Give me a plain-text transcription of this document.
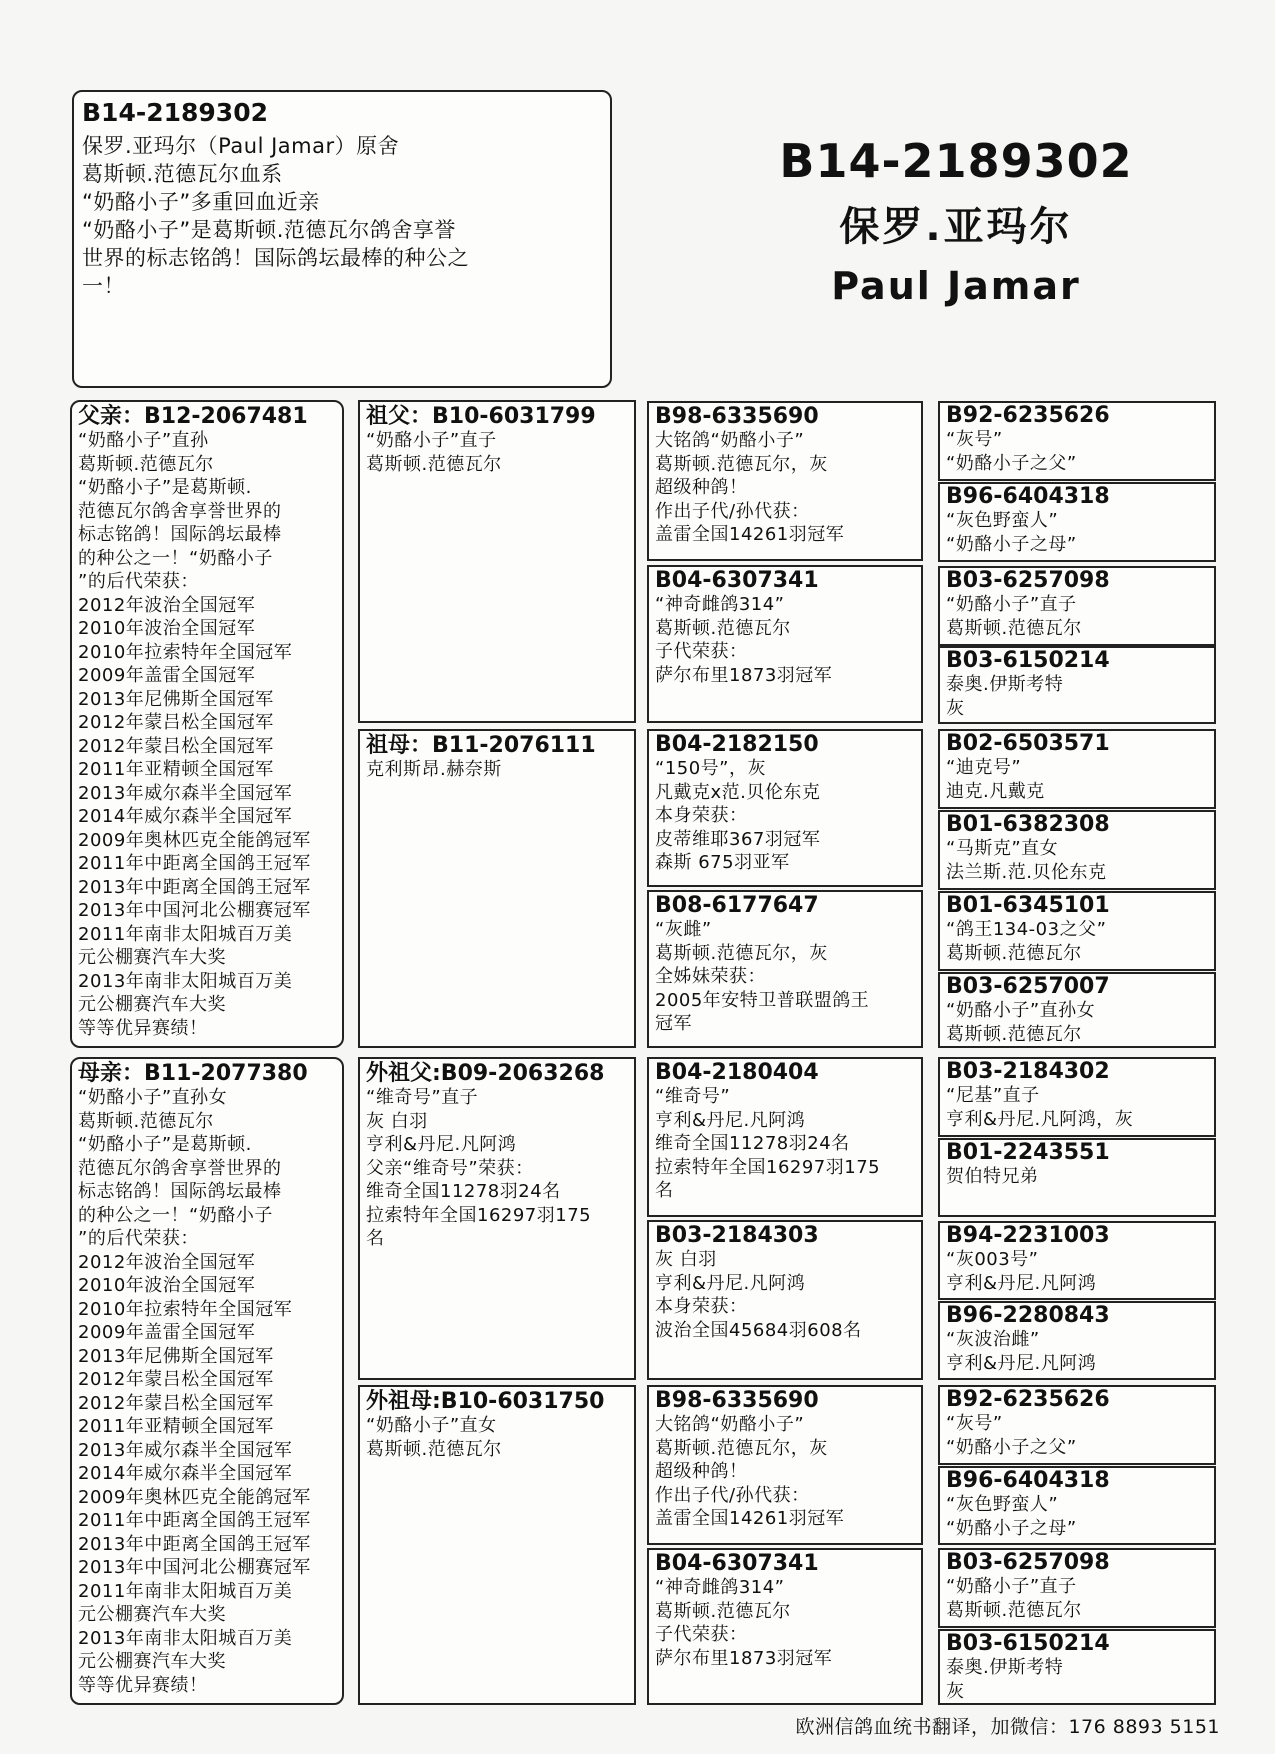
B14-2189302
保罗.亚玛尔
Paul Jamar
B14-2189302
保罗.亚玛尔（Paul Jamar）原舍
葛斯顿.范德瓦尔血系
“奶酪小子”多重回血近亲
“奶酪小子”是葛斯顿.范德瓦尔鸽舍享誉
世界的标志铭鸽！国际鸽坛最棒的种公之
一！
父亲：B12-2067481
“奶酪小子”直孙
葛斯顿.范德瓦尔
“奶酪小子”是葛斯顿.
范德瓦尔鸽舍享誉世界的
标志铭鸽！国际鸽坛最棒
的种公之一！“奶酪小子
”的后代荣获：
2012年波治全国冠军
2010年波治全国冠军
2010年拉索特年全国冠军
2009年盖雷全国冠军
2013年尼佛斯全国冠军
2012年蒙吕松全国冠军
2012年蒙吕松全国冠军
2011年亚精顿全国冠军
2013年威尔森半全国冠军
2014年威尔森半全国冠军
2009年奥林匹克全能鸽冠军
2011年中距离全国鸽王冠军
2013年中距离全国鸽王冠军
2013年中国河北公棚赛冠军
2011年南非太阳城百万美
元公棚赛汽车大奖
2013年南非太阳城百万美
元公棚赛汽车大奖
等等优异赛绩！
母亲：B11-2077380
“奶酪小子”直孙女
葛斯顿.范德瓦尔
“奶酪小子”是葛斯顿.
范德瓦尔鸽舍享誉世界的
标志铭鸽！国际鸽坛最棒
的种公之一！“奶酪小子
”的后代荣获：
2012年波治全国冠军
2010年波治全国冠军
2010年拉索特年全国冠军
2009年盖雷全国冠军
2013年尼佛斯全国冠军
2012年蒙吕松全国冠军
2012年蒙吕松全国冠军
2011年亚精顿全国冠军
2013年威尔森半全国冠军
2014年威尔森半全国冠军
2009年奥林匹克全能鸽冠军
2011年中距离全国鸽王冠军
2013年中距离全国鸽王冠军
2013年中国河北公棚赛冠军
2011年南非太阳城百万美
元公棚赛汽车大奖
2013年南非太阳城百万美
元公棚赛汽车大奖
等等优异赛绩！
祖父：B10-6031799
“奶酪小子”直子
葛斯顿.范德瓦尔
祖母：B11-2076111
克利斯昂.赫奈斯
外祖父:B09-2063268
“维奇号”直子
灰 白羽
亨利&丹尼.凡阿鸿
父亲“维奇号”荣获：
维奇全国11278羽24名
拉索特年全国16297羽175
名
外祖母:B10-6031750
“奶酪小子”直女
葛斯顿.范德瓦尔
B98-6335690
大铭鸽“奶酪小子”
葛斯顿.范德瓦尔，灰
超级种鸽！
作出子代/孙代获：
盖雷全国14261羽冠军
B04-6307341
“神奇雌鸽314”
葛斯顿.范德瓦尔
子代荣获：
萨尔布里1873羽冠军
B04-2182150
“150号”，灰
凡戴克x范.贝伦东克
本身荣获：
皮蒂维耶367羽冠军
森斯 675羽亚军
B08-6177647
“灰雌”
葛斯顿.范德瓦尔，灰
全姊妹荣获：
2005年安特卫普联盟鸽王
冠军
B04-2180404
“维奇号”
亨利&丹尼.凡阿鸿
维奇全国11278羽24名
拉索特年全国16297羽175
名
B03-2184303
灰 白羽
亨利&丹尼.凡阿鸿
本身荣获：
波治全国45684羽608名
B98-6335690
大铭鸽“奶酪小子”
葛斯顿.范德瓦尔，灰
超级种鸽！
作出子代/孙代获：
盖雷全国14261羽冠军
B04-6307341
“神奇雌鸽314”
葛斯顿.范德瓦尔
子代荣获：
萨尔布里1873羽冠军
B92-6235626
“灰号”
“奶酪小子之父”
B96-6404318
“灰色野蛮人”
“奶酪小子之母”
B03-6257098
“奶酪小子”直子
葛斯顿.范德瓦尔
B03-6150214
泰奥.伊斯考特
灰
B02-6503571
“迪克号”
迪克.凡戴克
B01-6382308
“马斯克”直女
法兰斯.范.贝伦东克
B01-6345101
“鸽王134-03之父”
葛斯顿.范德瓦尔
B03-6257007
“奶酪小子”直孙女
葛斯顿.范德瓦尔
B03-2184302
“尼基”直子
亨利&丹尼.凡阿鸿，灰
B01-2243551
贺伯特兄弟
B94-2231003
“灰003号”
亨利&丹尼.凡阿鸿
B96-2280843
“灰波治雌”
亨利&丹尼.凡阿鸿
B92-6235626
“灰号”
“奶酪小子之父”
B96-6404318
“灰色野蛮人”
“奶酪小子之母”
B03-6257098
“奶酪小子”直子
葛斯顿.范德瓦尔
B03-6150214
泰奥.伊斯考特
灰
欧洲信鸽血统书翻译，加微信：176 8893 5151
